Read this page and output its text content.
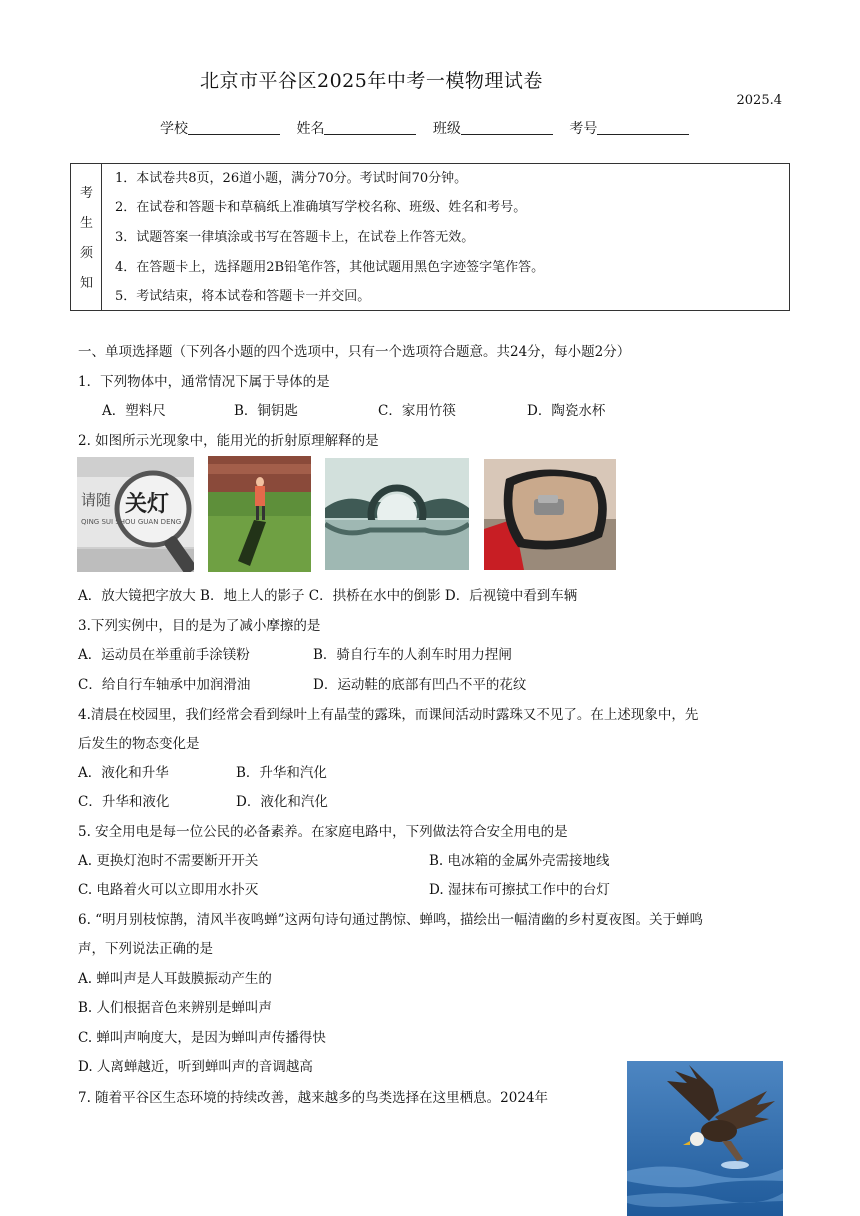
北京市平谷区2025年中考一模物理试卷
2025.4
学校	姓名	班级	考号
考
生
须
知
1．本试卷共8页，26道小题，满分70分。考试时间70分钟。
2．在试卷和答题卡和草稿纸上准确填写学校名称、班级、姓名和考号。
3．试题答案一律填涂或书写在答题卡上，在试卷上作答无效。
4．在答题卡上，选择题用2B铅笔作答，其他试题用黑色字迹签字笔作答。
5．考试结束，将本试卷和答题卡一并交回。
一、单项选择题（下列各小题的四个选项中，只有一个选项符合题意。共24分，每小题2分）
1．下列物体中，通常情况下属于导体的是
A．塑料尺	B．铜钥匙	C．家用竹筷	D．陶瓷水杯
2. 如图所示光现象中，能用光的折射原理解释的是
请随 关灯
QING SUI SHOU GUAN DENG
A．放大镜把字放大 B．地上人的影子 C．拱桥在水中的倒影 D．后视镜中看到车辆
3.下列实例中，目的是为了减小摩擦的是
A．运动员在举重前手涂镁粉	B．骑自行车的人刹车时用力捏闸
C．给自行车轴承中加润滑油	D．运动鞋的底部有凹凸不平的花纹
4.清晨在校园里，我们经常会看到绿叶上有晶莹的露珠，而课间活动时露珠又不见了。在上述现象中，先
后发生的物态变化是
A．液化和升华	B．升华和汽化
C．升华和液化	D．液化和汽化
5. 安全用电是每一位公民的必备素养。在家庭电路中，下列做法符合安全用电的是
A. 更换灯泡时不需要断开开关	B. 电冰箱的金属外壳需接地线
C. 电路着火可以立即用水扑灭	D. 湿抹布可擦拭工作中的台灯
6. “明月别枝惊鹊，清风半夜鸣蝉”这两句诗句通过鹊惊、蝉鸣，描绘出一幅清幽的乡村夏夜图。关于蝉鸣
声，下列说法正确的是
A. 蝉叫声是人耳鼓膜振动产生的
B. 人们根据音色来辨别是蝉叫声
C. 蝉叫声响度大，是因为蝉叫声传播得快
D. 人离蝉越近，听到蝉叫声的音调越高
7. 随着平谷区生态环境的持续改善，越来越多的鸟类选择在这里栖息。2024年
